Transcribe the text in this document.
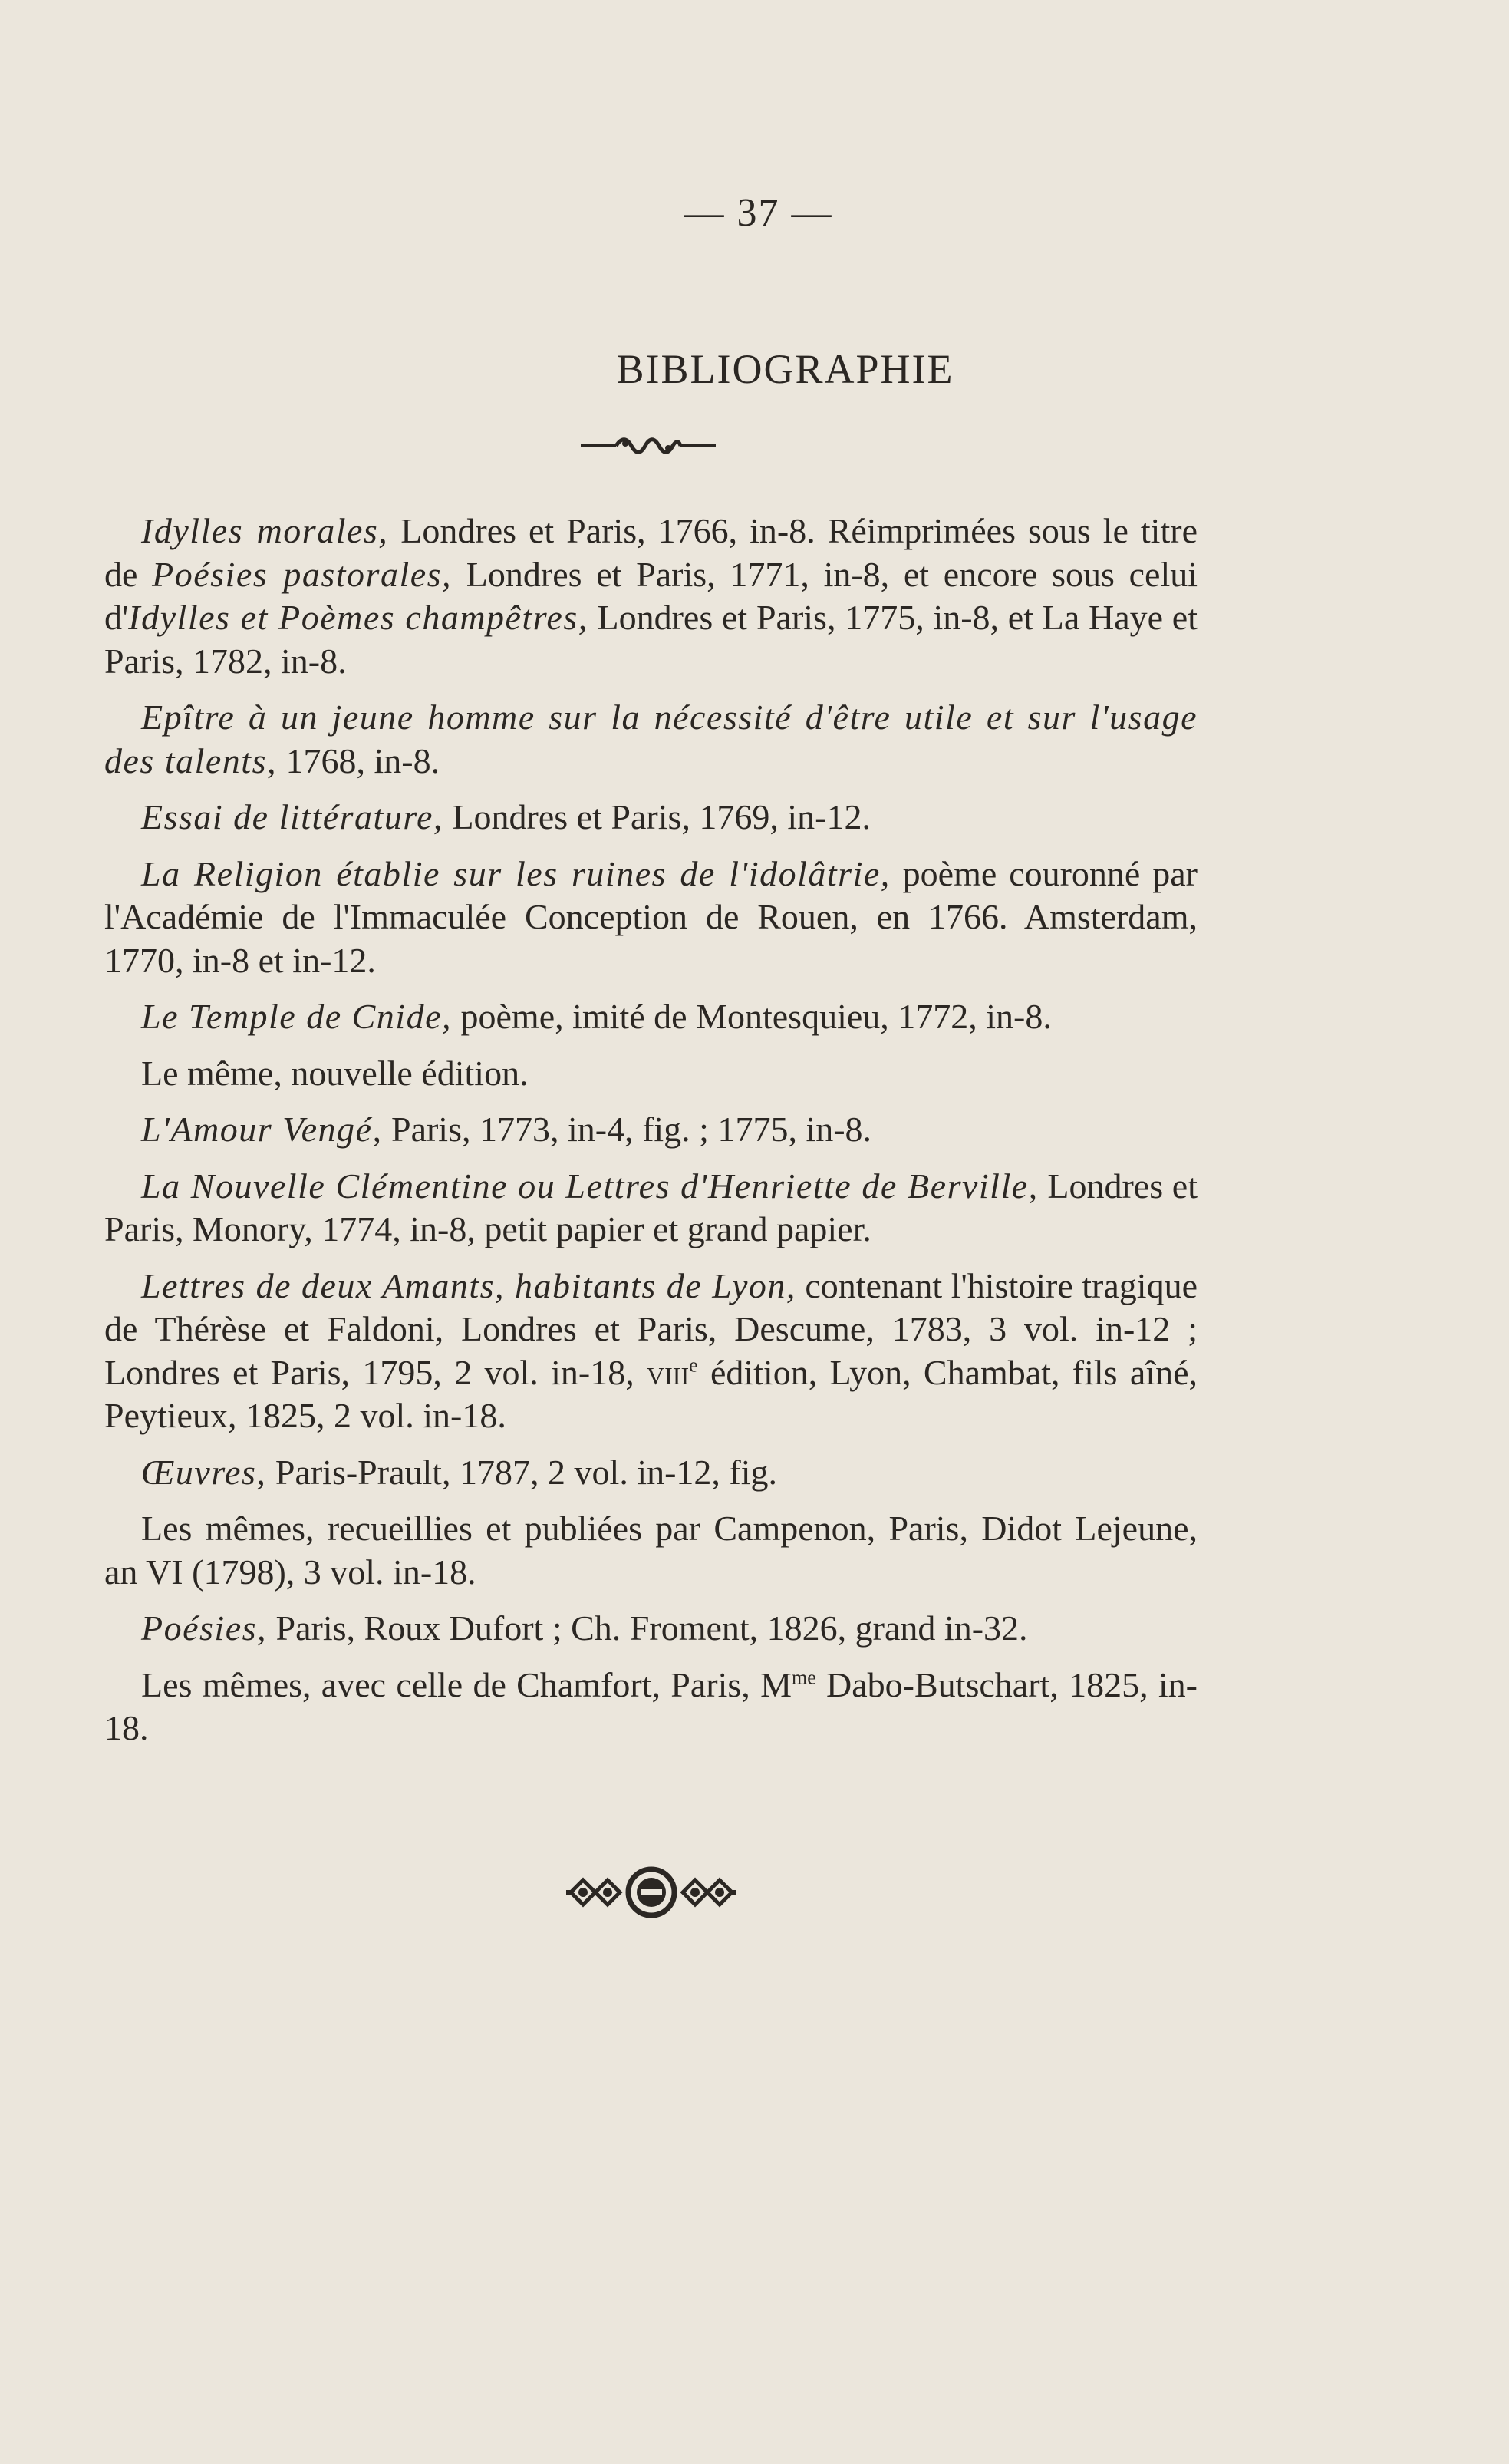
— 37 —
BIBLIOGRAPHIE

Idylles morales, Londres et Paris, 1766, in-8. Réimprimées sous le titre de Poésies pastorales, Londres et Paris, 1771, in-8, et encore sous celui d'Idylles et Poèmes champêtres, Londres et Paris, 1775, in-8, et La Haye et Paris, 1782, in-8.

Epître à un jeune homme sur la nécessité d'être utile et sur l'usage des talents, 1768, in-8.

Essai de littérature, Londres et Paris, 1769, in-12.

La Religion établie sur les ruines de l'idolâtrie, poème couronné par l'Académie de l'Immaculée Conception de Rouen, en 1766. Amsterdam, 1770, in-8 et in-12.

Le Temple de Cnide, poème, imité de Montesquieu, 1772, in-8.

Le même, nouvelle édition.

L'Amour Vengé, Paris, 1773, in-4, fig. ; 1775, in-8.

La Nouvelle Clémentine ou Lettres d'Henriette de Berville, Londres et Paris, Monory, 1774, in-8, petit papier et grand papier.

Lettres de deux Amants, habitants de Lyon, contenant l'histoire tragique de Thérèse et Faldoni, Londres et Paris, Descume, 1783, 3 vol. in-12 ; Londres et Paris, 1795, 2 vol. in-18, viii$^e$ édition, Lyon, Chambat, fils aîné, Peytieux, 1825, 2 vol. in-18.

Œuvres, Paris-Prault, 1787, 2 vol. in-12, fig.

Les mêmes, recueillies et publiées par Campenon, Paris, Didot Lejeune, an VI (1798), 3 vol. in-18.

Poésies, Paris, Roux Dufort ; Ch. Froment, 1826, grand in-32.

Les mêmes, avec celle de Chamfort, Paris, $M^{me}$ Dabo-Butschart, 1825, in-18.
